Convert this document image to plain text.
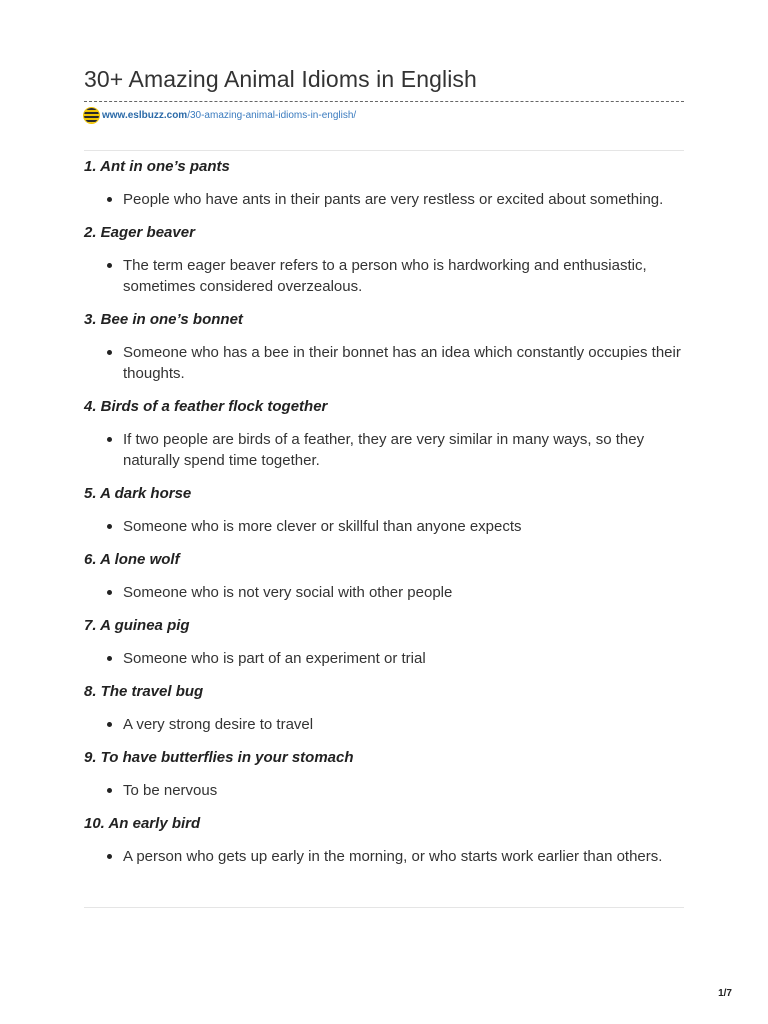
30+ Amazing Animal Idioms in English
www.eslbuzz.com /30-amazing-animal-idioms-in-english/
1. Ant in one’s pants
People who have ants in their pants are very restless or excited about something.
2. Eager beaver
The term eager beaver refers to a person who is hardworking and enthusiastic, sometimes considered overzealous.
3. Bee in one’s bonnet
Someone who has a bee in their bonnet has an idea which constantly occupies their thoughts.
4. Birds of a feather flock together
If two people are birds of a feather, they are very similar in many ways, so they naturally spend time together.
5. A dark horse
Someone who is more clever or skillful than anyone expects
6. A lone wolf
Someone who is not very social with other people
7. A guinea pig
Someone who is part of an experiment or trial
8. The travel bug
A very strong desire to travel
9. To have butterflies in your stomach
To be nervous
10. An early bird
A person who gets up early in the morning, or who starts work earlier than others.
1/7
